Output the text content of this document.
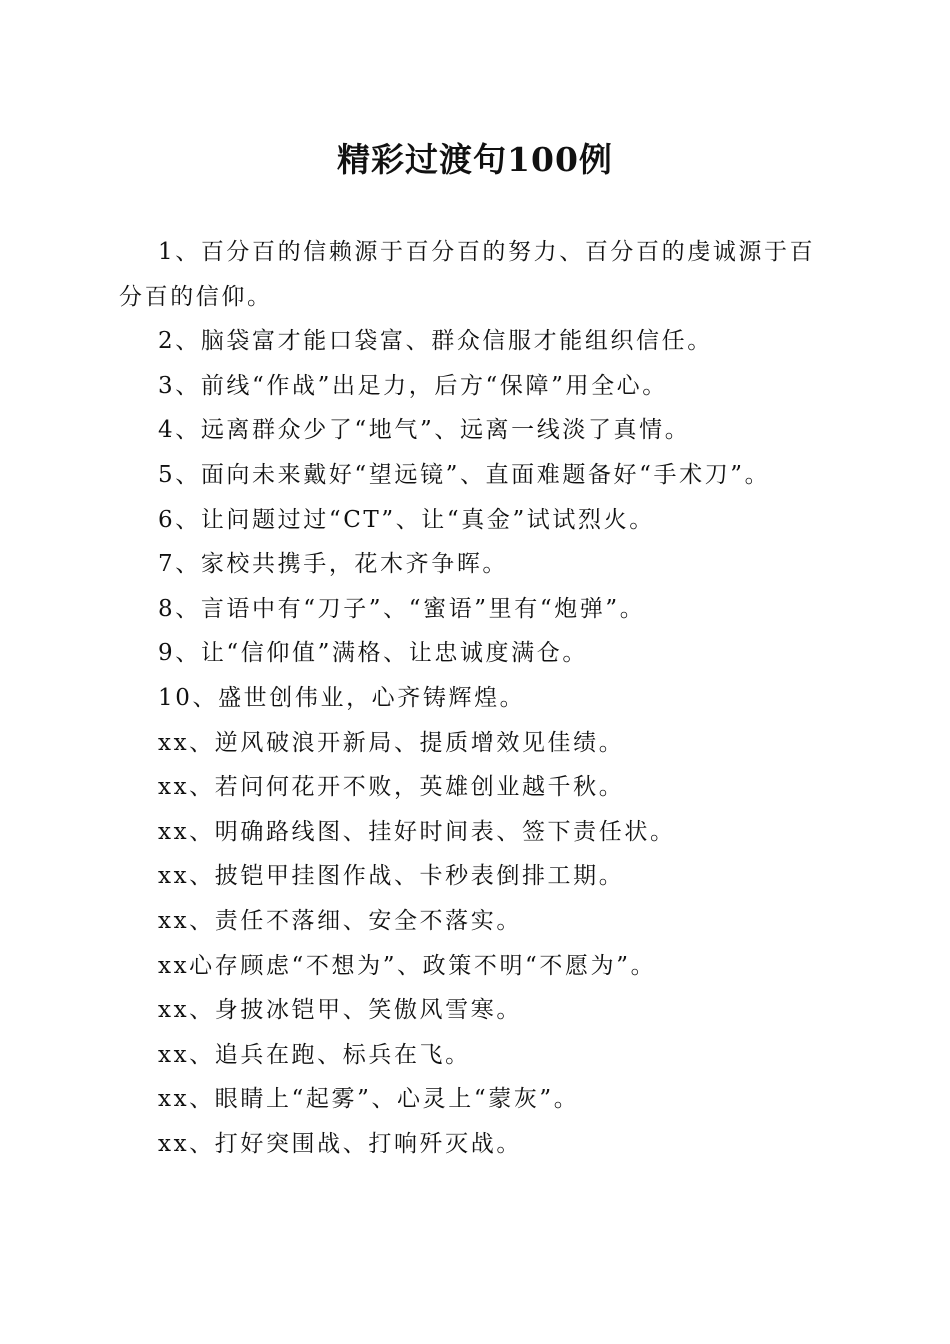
精彩过渡句100例

1、百分百的信赖源于百分百的努力、百分百的虔诚源于百分百的信仰。

2、脑袋富才能口袋富、群众信服才能组织信任。

3、前线“作战”出足力，后方“保障”用全心。

4、远离群众少了“地气”、远离一线淡了真情。

5、面向未来戴好“望远镜”、直面难题备好“手术刀”。

6、让问题过过“CT”、让“真金”试试烈火。

7、家校共携手，花木齐争晖。

8、言语中有“刀子”、“蜜语”里有“炮弹”。

9、让“信仰值”满格、让忠诚度满仓。

10、盛世创伟业，心齐铸辉煌。

xx、逆风破浪开新局、提质增效见佳绩。

xx、若问何花开不败，英雄创业越千秋。

xx、明确路线图、挂好时间表、签下责任状。

xx、披铠甲挂图作战、卡秒表倒排工期。

xx、责任不落细、安全不落实。

xx心存顾虑“不想为”、政策不明“不愿为”。

xx、身披冰铠甲、笑傲风雪寒。

xx、追兵在跑、标兵在飞。

xx、眼睛上“起雾”、心灵上“蒙灰”。

xx、打好突围战、打响歼灭战。
